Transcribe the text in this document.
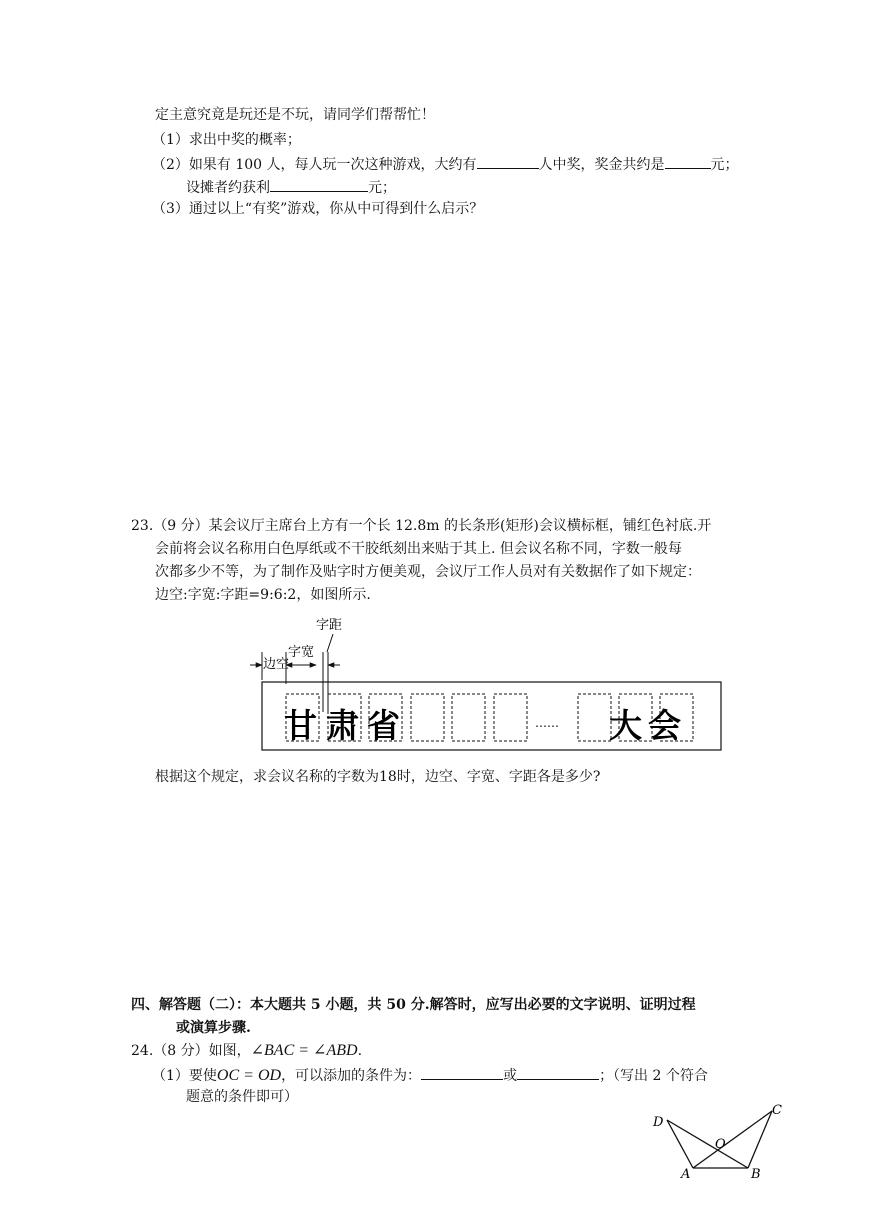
定主意究竟是玩还是不玩，请同学们帮帮忙！
（1）求出中奖的概率；
（2）如果有 100 人，每人玩一次这种游戏，大约有	人中奖，奖金共约是	元；
设摊者约获利	元；
（3）通过以上“有奖”游戏，你从中可得到什么启示？
23.（9 分）某会议厅主席台上方有一个长 12.8m 的长条形(矩形)会议横标框，铺红色衬底.开
会前将会议名称用白色厚纸或不干胶纸刻出来贴于其上. 但会议名称不同，字数一般每
次都多少不等，为了制作及贴字时方便美观，会议厅工作人员对有关数据作了如下规定：
边空:字宽:字距=9:6:2，如图所示.
字距
字宽
边空
甘 肃 省	…… 大 会
根据这个规定，求会议名称的字数为18时，边空、字宽、字距各是多少?
四、解答题（二）：本大题共 5 小题，共 50 分.解答时，应写出必要的文字说明、证明过程
或演算步骤.
24.（8 分）如图，∠BAC = ∠ABD.
（1）要使OC = OD，可以添加的条件为：	或	；（写出 2 个符合
题意的条件即可）
D
C
A	B
O
